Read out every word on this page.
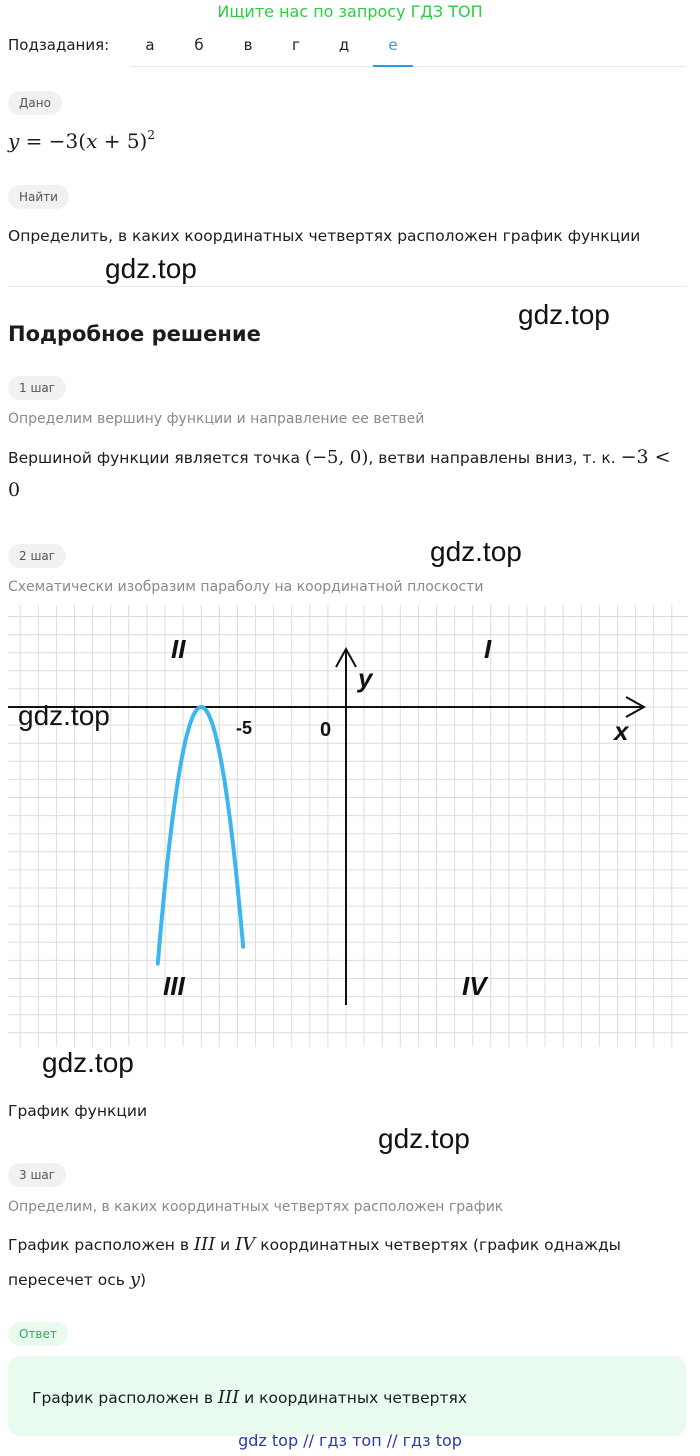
Ищите нас по запросу ГДЗ ТОП
Подзадания:	а	б	в	г	д	е
Дано
$y = -3(x + 5)^2$
Найти
Определить, в каких координатных четвертях расположен график функции
Подробное решение
1 шаг
Определим вершину функции и направление ее ветвей
Вершиной функции является точка (−5, 0), ветви направлены вниз, т. к. −3 <
0
2 шаг
Схематически изобразим параболу на координатной плоскости
II	I
III	IV
y
x
0
-5
График функции
3 шаг
Определим, в каких координатных четвертях расположен график
График расположен в III и IV координатных четвертях (график однажды
пересечет ось y)
Ответ
График расположен в III и координатных четвертях
gdz.top
gdz.top
gdz.top
gdz.top
gdz.top
gdz.top
gdz top // гдз топ // гдз top
